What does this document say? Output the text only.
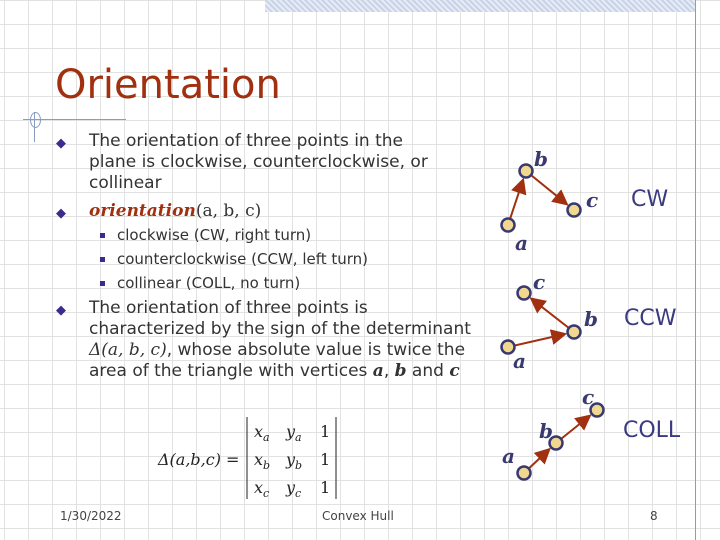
Orientation
◆	The orientation of three points in the plane is clockwise, counterclockwise, or collinear
◆	orientation(a, b, c)
clockwise (CW, right turn)
counterclockwise (CCW, left turn)
collinear (COLL, no turn)
◆	The orientation of three points is characterized by the sign of the determinant Δ(a, b, c), whose absolute value is twice the area of the triangle with vertices a, b and c
Δ(a,b,c) =
$x_a$ $y_a$ 1
$x_b$ $y_b$ 1
$x_c$ $y_c$ 1
a
b
c
a
b
c
a
b
c
CW
CCW
COLL
1/30/2022	Convex Hull	8
